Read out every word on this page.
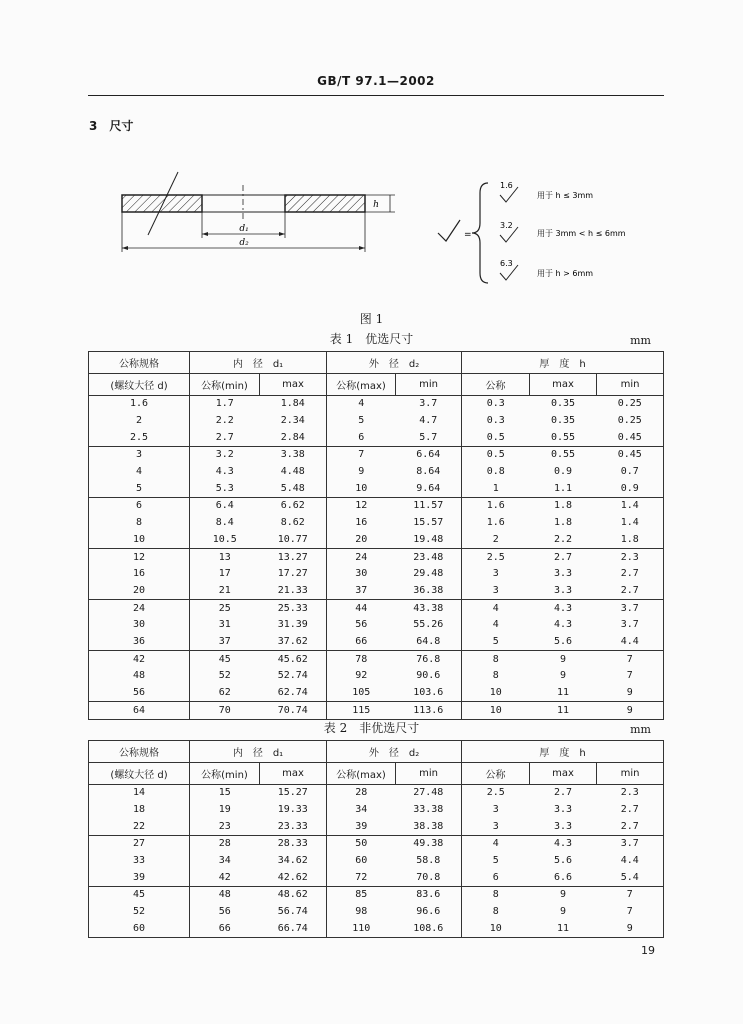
GB/T 97.1—2002
3 尺寸
d₁
d₂
h
=
1.6
用于 h ≤ 3mm
3.2
用于 3mm < h ≤ 6mm
6.3
用于 h > 6mm
图 1
表 1　优选尺寸	mm
公称规格	内　径　d₁		外　径　d₂		厚　度　h		
(螺纹大径 d)	公称(min)	max	公称(max)	min	公称	max	min
1.6	1.7	1.84	4	3.7	0.3	0.35	0.25
2	2.2	2.34	5	4.7	0.3	0.35	0.25
2.5	2.7	2.84	6	5.7	0.5	0.55	0.45
3	3.2	3.38	7	6.64	0.5	0.55	0.45
4	4.3	4.48	9	8.64	0.8	0.9	0.7
5	5.3	5.48	10	9.64	1	1.1	0.9
6	6.4	6.62	12	11.57	1.6	1.8	1.4
8	8.4	8.62	16	15.57	1.6	1.8	1.4
10	10.5	10.77	20	19.48	2	2.2	1.8
12	13	13.27	24	23.48	2.5	2.7	2.3
16	17	17.27	30	29.48	3	3.3	2.7
20	21	21.33	37	36.38	3	3.3	2.7
24	25	25.33	44	43.38	4	4.3	3.7
30	31	31.39	56	55.26	4	4.3	3.7
36	37	37.62	66	64.8	5	5.6	4.4
42	45	45.62	78	76.8	8	9	7
48	52	52.74	92	90.6	8	9	7
56	62	62.74	105	103.6	10	11	9
64	70	70.74	115	113.6	10	11	9
表 2　非优选尺寸	mm
公称规格	内　径　d₁		外　径　d₂		厚　度　h		
(螺纹大径 d)	公称(min)	max	公称(max)	min	公称	max	min
14	15	15.27	28	27.48	2.5	2.7	2.3
18	19	19.33	34	33.38	3	3.3	2.7
22	23	23.33	39	38.38	3	3.3	2.7
27	28	28.33	50	49.38	4	4.3	3.7
33	34	34.62	60	58.8	5	5.6	4.4
39	42	42.62	72	70.8	6	6.6	5.4
45	48	48.62	85	83.6	8	9	7
52	56	56.74	98	96.6	8	9	7
60	66	66.74	110	108.6	10	11	9
19
